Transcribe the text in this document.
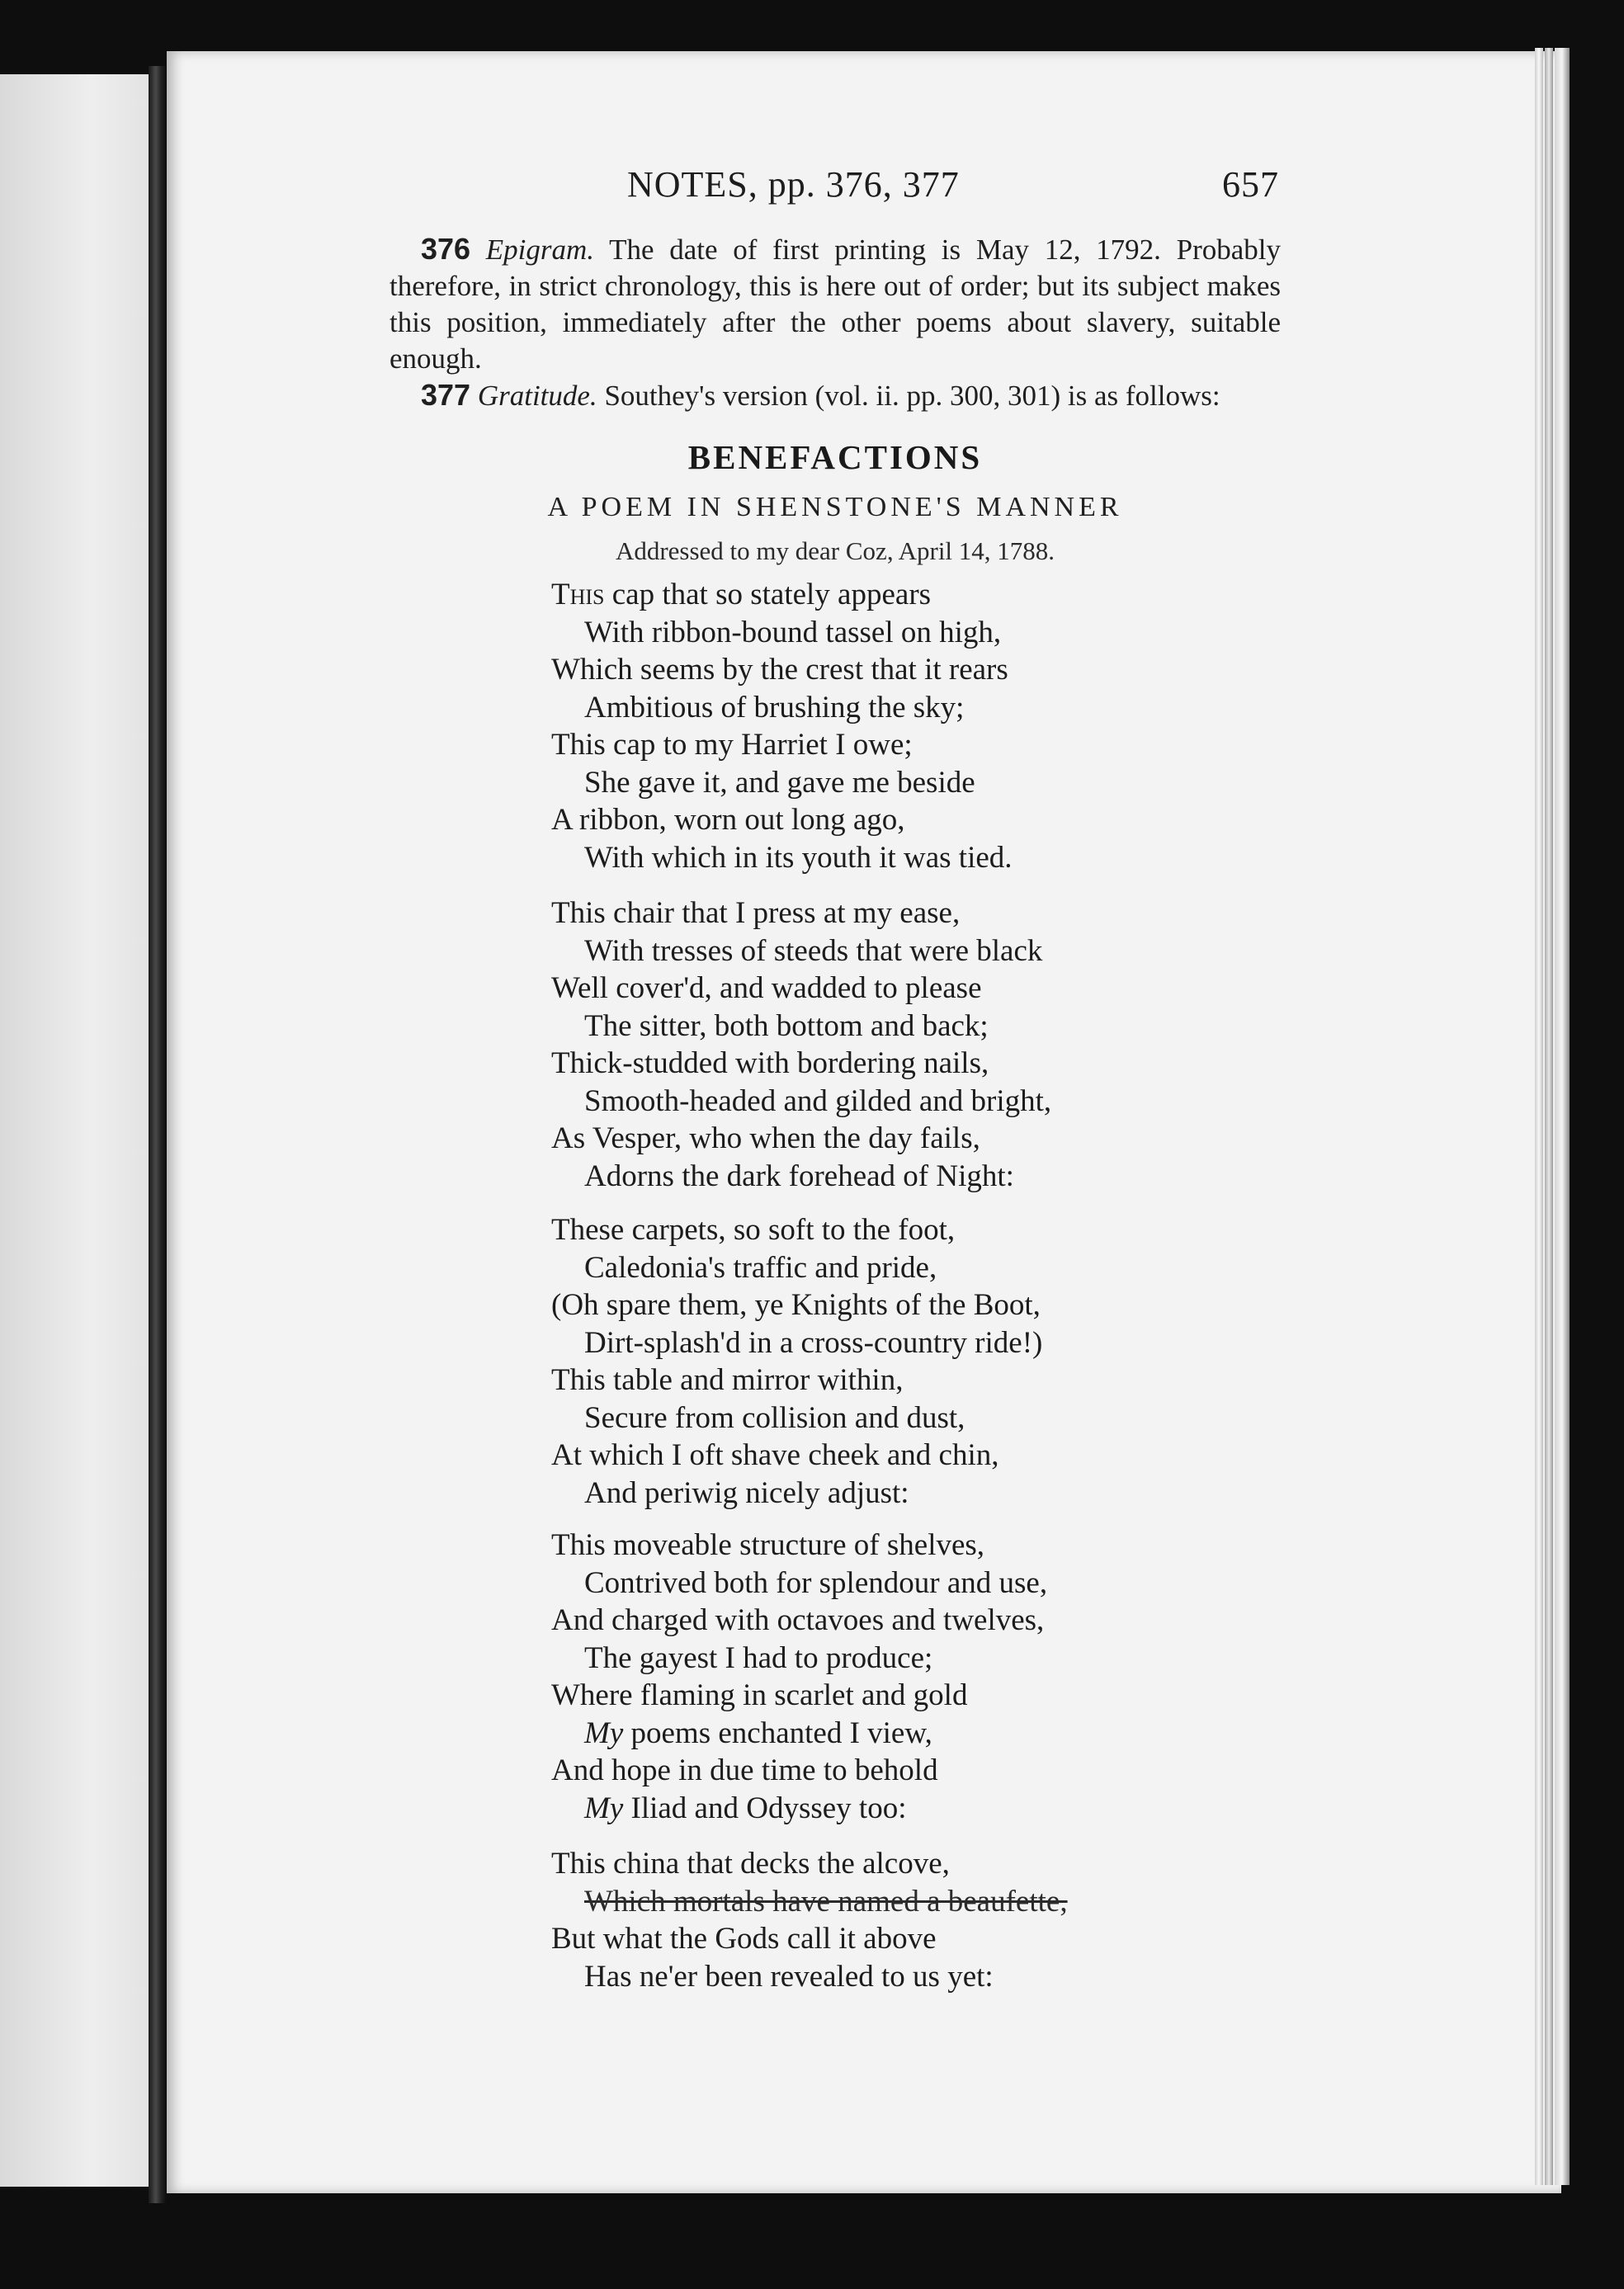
NOTES, pp. 376, 377	657

376 Epigram. The date of first printing is May 12, 1792. Probably therefore, in strict chronology, this is here out of order; but its subject makes this position, immediately after the other poems about slavery, suitable enough.

377 Gratitude. Southey's version (vol. ii. pp. 300, 301) is as follows:

BENEFACTIONS
A POEM IN SHENSTONE'S MANNER
Addressed to my dear Coz, April 14, 1788.
This cap that so stately appears
With ribbon-bound tassel on high,
Which seems by the crest that it rears
Ambitious of brushing the sky;
This cap to my Harriet I owe;
She gave it, and gave me beside
A ribbon, worn out long ago,
With which in its youth it was tied.
This chair that I press at my ease,
With tresses of steeds that were black
Well cover'd, and wadded to please
The sitter, both bottom and back;
Thick-studded with bordering nails,
Smooth-headed and gilded and bright,
As Vesper, who when the day fails,
Adorns the dark forehead of Night:
These carpets, so soft to the foot,
Caledonia's traffic and pride,
(Oh spare them, ye Knights of the Boot,
Dirt-splash'd in a cross-country ride!)
This table and mirror within,
Secure from collision and dust,
At which I oft shave cheek and chin,
And periwig nicely adjust:
This moveable structure of shelves,
Contrived both for splendour and use,
And charged with octavoes and twelves,
The gayest I had to produce;
Where flaming in scarlet and gold
My poems enchanted I view,
And hope in due time to behold
My Iliad and Odyssey too:
This china that decks the alcove,
Which mortals have named a beaufette,
But what the Gods call it above
Has ne'er been revealed to us yet:
